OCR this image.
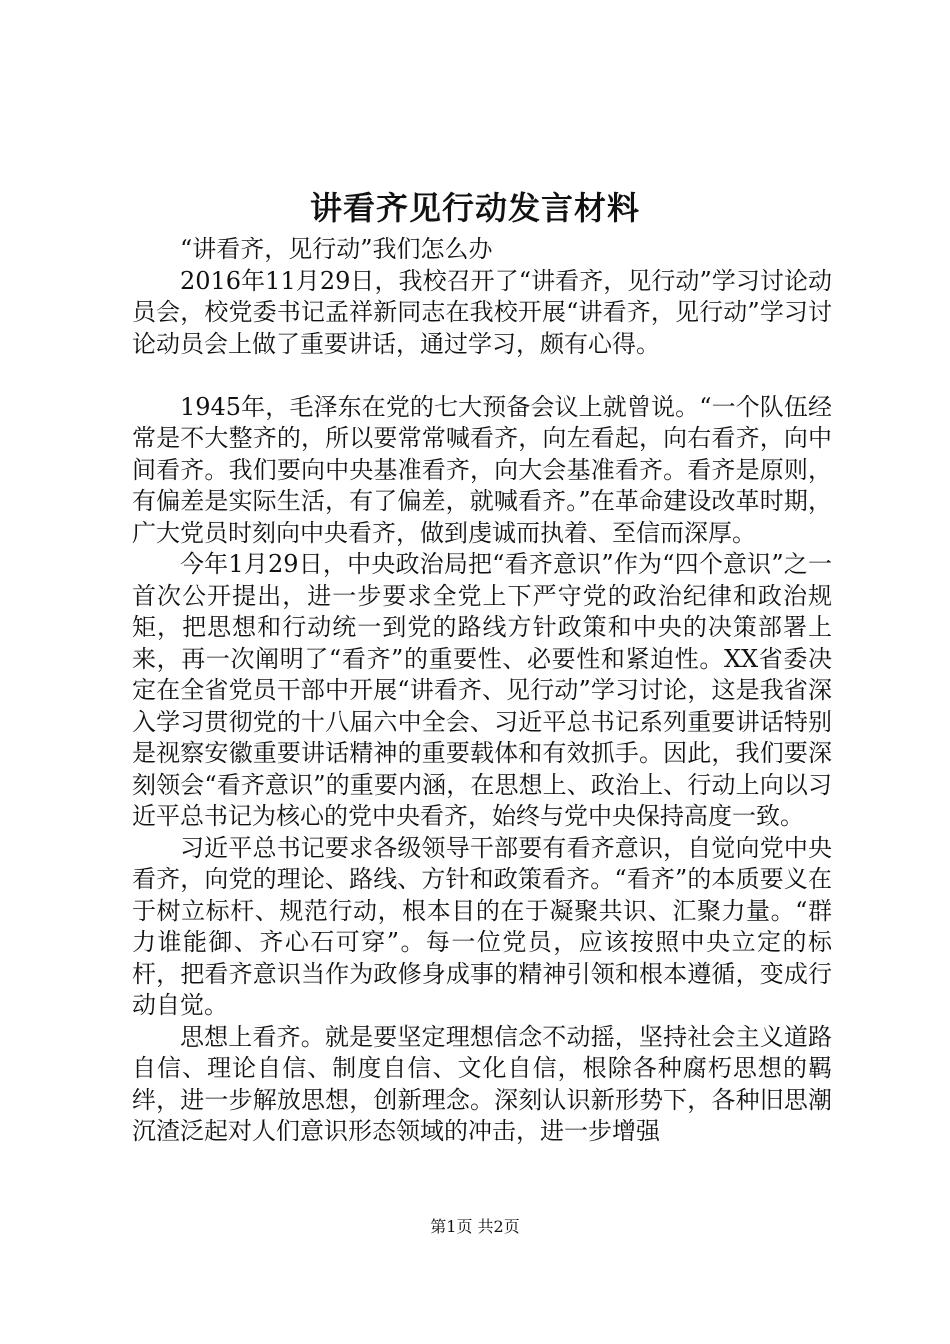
讲看齐见行动发言材料

“讲看齐，见行动”我们怎么办

2016年11月29日，我校召开了“讲看齐，见行动”学习讨论动员会，校党委书记孟祥新同志在我校开展“讲看齐，见行动”学习讨论动员会上做了重要讲话，通过学习，颇有心得。

1945年，毛泽东在党的七大预备会议上就曾说。“一个队伍经常是不大整齐的，所以要常常喊看齐，向左看起，向右看齐，向中间看齐。我们要向中央基准看齐，向大会基准看齐。看齐是原则，有偏差是实际生活，有了偏差，就喊看齐。”在革命建设改革时期，广大党员时刻向中央看齐，做到虔诚而执着、至信而深厚。

今年1月29日，中央政治局把“看齐意识”作为“四个意识”之一首次公开提出，进一步要求全党上下严守党的政治纪律和政治规矩，把思想和行动统一到党的路线方针政策和中央的决策部署上来，再一次阐明了“看齐”的重要性、必要性和紧迫性。XX省委决定在全省党员干部中开展“讲看齐、见行动”学习讨论，这是我省深入学习贯彻党的十八届六中全会、习近平总书记系列重要讲话特别是视察安徽重要讲话精神的重要载体和有效抓手。因此，我们要深刻领会“看齐意识”的重要内涵，在思想上、政治上、行动上向以习近平总书记为核心的党中央看齐，始终与党中央保持高度一致。

习近平总书记要求各级领导干部要有看齐意识，自觉向党中央看齐，向党的理论、路线、方针和政策看齐。“看齐”的本质要义在于树立标杆、规范行动，根本目的在于凝聚共识、汇聚力量。“群力谁能御、齐心石可穿”。每一位党员，应该按照中央立定的标杆，把看齐意识当作为政修身成事的精神引领和根本遵循，变成行动自觉。

思想上看齐。就是要坚定理想信念不动摇，坚持社会主义道路自信、理论自信、制度自信、文化自信，根除各种腐朽思想的羁绊，进一步解放思想，创新理念。深刻认识新形势下，各种旧思潮沉渣泛起对人们意识形态领域的冲击，进一步增强

第1页 共2页
